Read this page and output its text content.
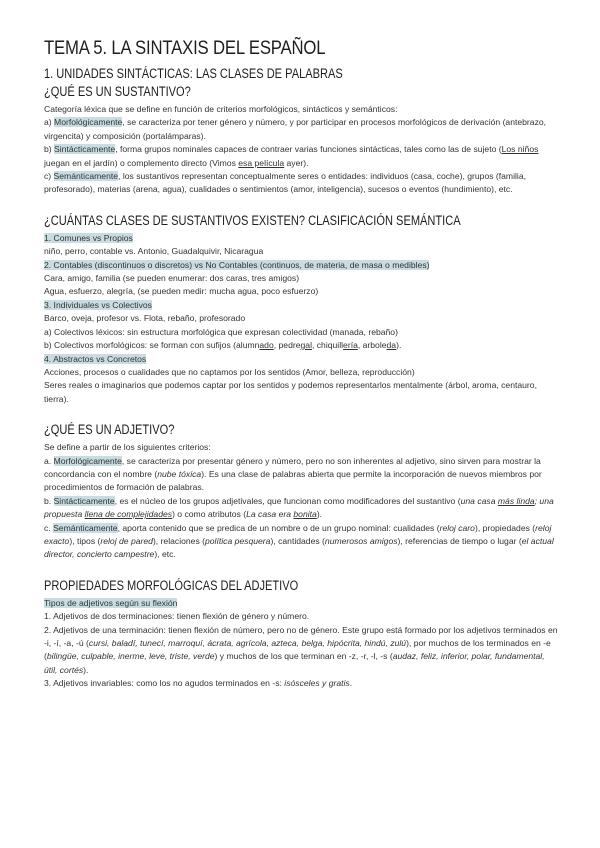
TEMA 5. LA SINTAXIS DEL ESPAÑOL
1. UNIDADES SINTÁCTICAS: LAS CLASES DE PALABRAS
¿QUÉ ES UN SUSTANTIVO?

Categoría léxica que se define en función de criterios morfológicos, sintácticos y semánticos:

a) Morfológicamente, se caracteriza por tener género y número, y por participar en procesos morfológicos de derivación (antebrazo, virgencita) y composición (portalámparas).

b) Sintácticamente, forma grupos nominales capaces de contraer varias funciones sintácticas, tales como las de sujeto (Los niños juegan en el jardín) o complemento directo (Vimos esa película ayer).

c) Semánticamente, los sustantivos representan conceptualmente seres o entidades: individuos (casa, coche), grupos (familia, profesorado), materias (arena, agua), cualidades o sentimientos (amor, inteligencia), sucesos o eventos (hundimiento), etc.

¿CUÁNTAS CLASES DE SUSTANTIVOS EXISTEN? CLASIFICACIÓN SEMÁNTICA

1. Comunes vs Propios

niño, perro, contable vs. Antonio, Guadalquivir, Nicaragua

2. Contables (discontinuos o discretos) vs No Contables (continuos, de materia, de masa o medibles)

Cara, amigo, familia (se pueden enumerar: dos caras, tres amigos)

Agua, esfuerzo, alegría, (se pueden medir: mucha agua, poco esfuerzo)

3. Individuales vs Colectivos

Barco, oveja, profesor vs. Flota, rebaño, profesorado

a) Colectivos léxicos: sin estructura morfológica que expresan colectividad (manada, rebaño)

b) Colectivos morfológicos: se forman con sufijos (alumnado, pedregal, chiquillería, arboleda).

4. Abstractos vs Concretos

Acciones, procesos o cualidades que no captamos por los sentidos (Amor, belleza, reproducción)

Seres reales o imaginarios que podemos captar por los sentidos y podemos representarlos mentalmente (árbol, aroma, centauro, tierra).

¿QUÉ ES UN ADJETIVO?

Se define a partir de los siguientes criterios:

a. Morfológicamente, se caracteriza por presentar género y número, pero no son inherentes al adjetivo, sino sirven para mostrar la concordancia con el nombre (nube tóxica). Es una clase de palabras abierta que permite la incorporación de nuevos miembros por procedimientos de formación de palabras.

b. Sintácticamente, es el núcleo de los grupos adjetivales, que funcionan como modificadores del sustantivo (una casa más linda; una propuesta llena de complejidades) o como atributos (La casa era bonita).

c. Semánticamente, aporta contenido que se predica de un nombre o de un grupo nominal: cualidades (reloj caro), propiedades (reloj exacto), tipos (reloj de pared), relaciones (política pesquera), cantidades (numerosos amigos), referencias de tiempo o lugar (el actual director, concierto campestre), etc.

PROPIEDADES MORFOLÓGICAS DEL ADJETIVO

Tipos de adjetivos según su flexión

1. Adjetivos de dos terminaciones: tienen flexión de género y número.

2. Adjetivos de una terminación: tienen flexión de número, pero no de género. Este grupo está formado por los adjetivos terminados en -i, -í, -a, -ú (cursi, baladí, tunecí, marroquí, ácrata, agrícola, azteca, belga, hipócrita, hindú, zulú), por muchos de los terminados en -e (bilingüe, culpable, inerme, leve, triste, verde) y muchos de los que terminan en -z, -r, -l, -s (audaz, feliz, inferior, polar, fundamental, útil, cortés).

3. Adjetivos invariables: como los no agudos terminados en -s: isósceles y gratis.
